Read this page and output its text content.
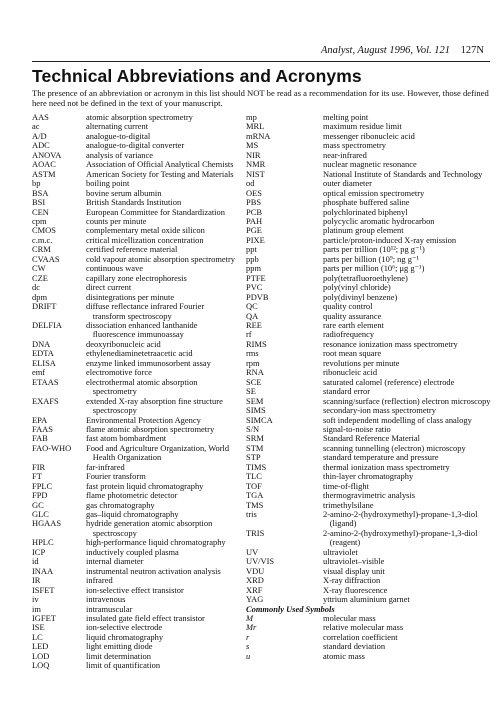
Analyst, August 1996, Vol. 121 127N
Technical Abbreviations and Acronyms

The presence of an abbreviation or acronym in this list should NOT be read as a recommendation for its use. However, those defined here need not be defined in the text of your manuscript.

AAS	atomic absorption spectrometry
ac	alternating current
A/D	analogue-to-digital
ADC	analogue-to-digital converter
ANOVA	analysis of variance
AOAC	Association of Official Analytical Chemists
ASTM	American Society for Testing and Materials
bp	boiling point
BSA	bovine serum albumin
BSI	British Standards Institution
CEN	European Committee for Standardization
cpm	counts per minute
CMOS	complementary metal oxide silicon
c.m.c.	critical micellization concentration
CRM	certified reference material
CVAAS	cold vapour atomic absorption spectrometry
CW	continuous wave
CZE	capillary zone electrophoresis
dc	direct current
dpm	disintegrations per minute
DRIFT	diffuse reflectance infrared Fourier transform spectroscopy
DELFIA	dissociation enhanced lanthanide fluorescence immunoassay
DNA	deoxyribonucleic acid
EDTA	ethylenediaminetetraacetic acid
ELISA	enzyme linked immunosorbent assay
emf	electromotive force
ETAAS	electrothermal atomic absorption spectrometry
EXAFS	extended X-ray absorption fine structure spectroscopy
EPA	Environmental Protection Agency
FAAS	flame atomic absorption spectrometry
FAB	fast atom bombardment
FAO-WHO	Food and Agriculture Organization, World Health Organization
FIR	far-infrared
FT	Fourier transform
FPLC	fast protein liquid chromatography
FPD	flame photometric detector
GC	gas chromatography
GLC	gas–liquid chromatography
HGAAS	hydride generation atomic absorption spectroscopy
HPLC	high-performance liquid chromatography
ICP	inductively coupled plasma
id	internal diameter
INAA	instrumental neutron activation analysis
IR	infrared
ISFET	ion-selective effect transistor
iv	intravenous
im	intramuscular
IGFET	insulated gate field effect transistor
ISE	ion-selective electrode
LC	liquid chromatography
LED	light emitting diode
LOD	limit determination
LOQ	limit of quantification
mp	melting point
MRL	maximum residue limit
mRNA	messenger ribonucleic acid
MS	mass spectrometry
NIR	near-infrared
NMR	nuclear magnetic resonance
NIST	National Institute of Standards and Technology
od	outer diameter
OES	optical emission spectrometry
PBS	phosphate buffered saline
PCB	polychlorinated biphenyl
PAH	polycyclic aromatic hydrocarbon
PGE	platinum group element
PIXE	particle/proton-induced X-ray emission
ppt	parts per trillion (10¹²; pg g⁻¹)
ppb	parts per billion (10⁹; ng g⁻¹
ppm	parts per million (10⁶; μg g⁻¹)
PTFE	poly(tetrafluoroethylene)
PVC	poly(vinyl chloride)
PDVB	poly(divinyl benzene)
QC	quality control
QA	quality assurance
REE	rare earth element
rf	radiofrequency
RIMS	resonance ionization mass spectrometry
rms	root mean square
rpm	revolutions per minute
RNA	ribonucleic acid
SCE	saturated calomel (reference) electrode
SE	standard error
SEM	scanning/surface (reflection) electron microscopy
SIMS	secondary-ion mass spectrometry
SIMCA	soft independent modelling of class analogy
S/N	signal-to-noise ratio
SRM	Standard Reference Material
STM	scanning tunnelling (electron) microscopy
STP	standard temperature and pressure
TIMS	thermal ionization mass spectrometry
TLC	thin-layer chromatography
TOF	time-of-flight
TGA	thermogravimetric analysis
TMS	trimethylsilane
tris	2-amino-2-(hydroxymethyl)-propane-1,3-diol (ligand)
TRIS	2-amino-2-(hydroxymethyl)-propane-1,3-diol (reagent)
UV	ultraviolet
UV/VIS	ultraviolet–visible
VDU	visual display unit
XRD	X-ray diffraction
XRF	X-ray fluorescence
YAG	yttrium aluminium garnet
Commonly Used Symbols
M	molecular mass
Mr	relative molecular mass
r	correlation coefficient
s	standard deviation
u	atomic mass
